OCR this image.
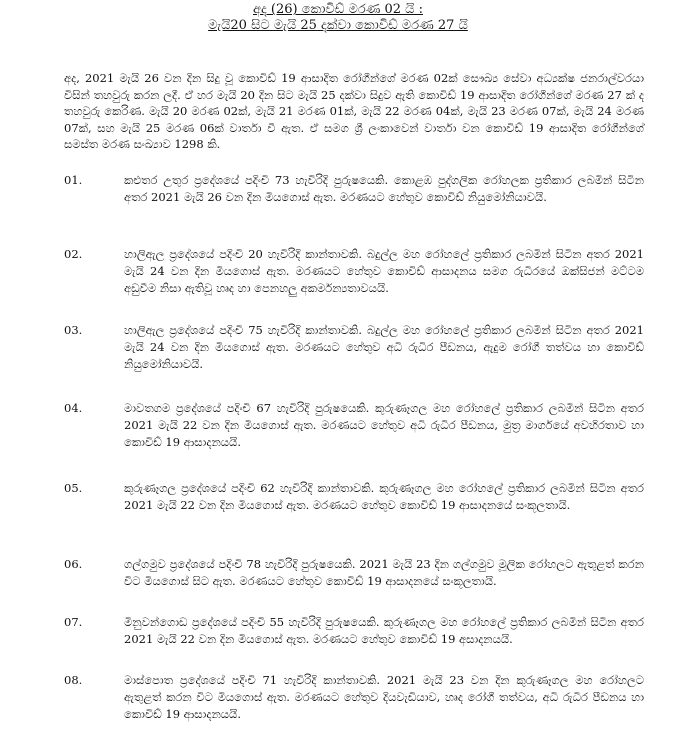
අද (26) කොවිඩ් මරණ 02 යි :
මැයි20 සිට මැයි 25 දක්වා කොවිඩ් මරණ 27 යි
අද, 2021 මැයි 26 වන දින සිදු වූ කොවිඩ් 19 ආසාදිත රෝගීන්ගේ මරණ 02ක් සෞඛ්‍ය සේවා අධ්‍යක්ෂ ජනරාල්වරයා විසින් තහවුරු කරන ලදී. ඒ හර මැයි 20 දින සිට මැයි 25 දක්වා සිදුව ඇති කොවිඩ් 19 ආසාදිත රෝගීන්ගේ මරණ 27 ක් ද තහවුරු කෙරිණ. මැයි 20 මරණ 02ක්, මැයි 21 මරණ 01ක්, මැයි 22 මරණ 04ක්, මැයි 23 මරණ 07ක්, මැයි 24 මරණ 07ක්, සහ මැයි 25 මරණ 06ක් වාර්තා වී ඇත. ඒ සමග ශ්‍රී ලංකාවෙන් වාර්තා වන කොවිඩ් 19 ආසාදිත රෝගීන්ගේ සමස්ත මරණ සංඛ්‍යාව 1298 කි.
01.	කළුතර උතුර ප්‍රදේශයේ පදිංචි 73 හැවිරිදි පුරුෂයෙකි. කොළඹ පුද්ගලික රෝහලක ප්‍රතිකාර ලබමින් සිටින අතර 2021 මැයි 26 වන දින මියගොස් ඇත. මරණයට හේතුව කොවිඩ් නියුමෝනියාවයි.
02.	හාලිඇල ප්‍රදේශයේ පදිංචි 20 හැවිරිදි කාන්තාවකි. බදුල්ල මහ රෝහලේ ප්‍රතිකාර ලබමින් සිටින අතර 2021 මැයි 24 වන දින මියගොස් ඇත. මරණයට හේතුව කොවිඩ් ආසාදනය සමග රුධිරයේ ඔක්සිජන් මට්ටම අඩුවීම නිසා ඇතිවූ හෘද හා පෙනහලු අකර්මන්‍යතාවයයි.
03.	හාලිඇල ප්‍රදේශයේ පදිංචි 75 හැවිරිදි කාන්තාවකි. බදුල්ල මහ රෝහලේ ප්‍රතිකාර ලබමින් සිටින අතර 2021 මැයි 24 වන දින මියගොස් ඇත. මරණයට හේතුව අධි රුධිර පීඩනය, ඇදුම රෝගී තත්වය හා කොවිඩ් නියුමෝනියාවයි.
04.	මාවතගම ප්‍රදේශයේ පදිංචි 67 හැවිරිදි පුරුෂයෙකි. කුරුණෑගල මහ රෝහලේ ප්‍රතිකාර ලබමින් සිටින අතර 2021 මැයි 22 වන දින මියගොස් ඇත. මරණයට හේතුව අධි රුධිර පීඩනය, මුත්‍ර මාර්ගයේ අවහිරතාව හා කොවිඩ් 19 ආසාදනයයි.
05.	කුරුණෑගල ප්‍රදේශයේ පදිංචි 62 හැවිරිදි කාන්තාවකි. කුරුණෑගල මහ රෝහලේ ප්‍රතිකාර ලබමින් සිටින අතර 2021 මැයි 22 වන දින මියගොස් ඇත. මරණයට හේතුව කොවිඩ් 19 ආසාදනයේ සංකූලතායි.
06.	ගල්ගමුව ප්‍රදේශයේ පදිංචි 78 හැවිරිදි පුරුෂයෙකි. 2021 මැයි 23 දින ගල්ගමුව මූලික රෝහලට ඇතුළත් කරන විට මියගොස් සිට ඇත. මරණයට හේතුව කොවිඩ් 19 ආසාදනයේ සංකූලතායි.
07.	මිනුවන්ගොඩ ප්‍රදේශයේ පදිංචි 55 හැවිරිදි පුරුෂයෙකි. කුරුණෑගල මහ රෝහලේ ප්‍රතිකාර ලබමින් සිටින අතර 2021 මැයි 22 වන දින මියගොස් ඇත. මරණයට හේතුව කොවිඩ් 19 අසාදනයයි.
08.	මාස්පොත ප්‍රදේශයේ පදිංචි 71 හැවිරිදි කාන්තාවකි. 2021 මැයි 23 වන දින කුරුණෑගල මහ රෝහලට ඇතුළත් කරන විට මියගොස් ඇත. මරණයට හේතුව දියවැඩියාව, හෘද රෝගී තත්වය, අධි රුධිර පීඩනය හා කොවිඩ් 19 ආසාදනයයි.
